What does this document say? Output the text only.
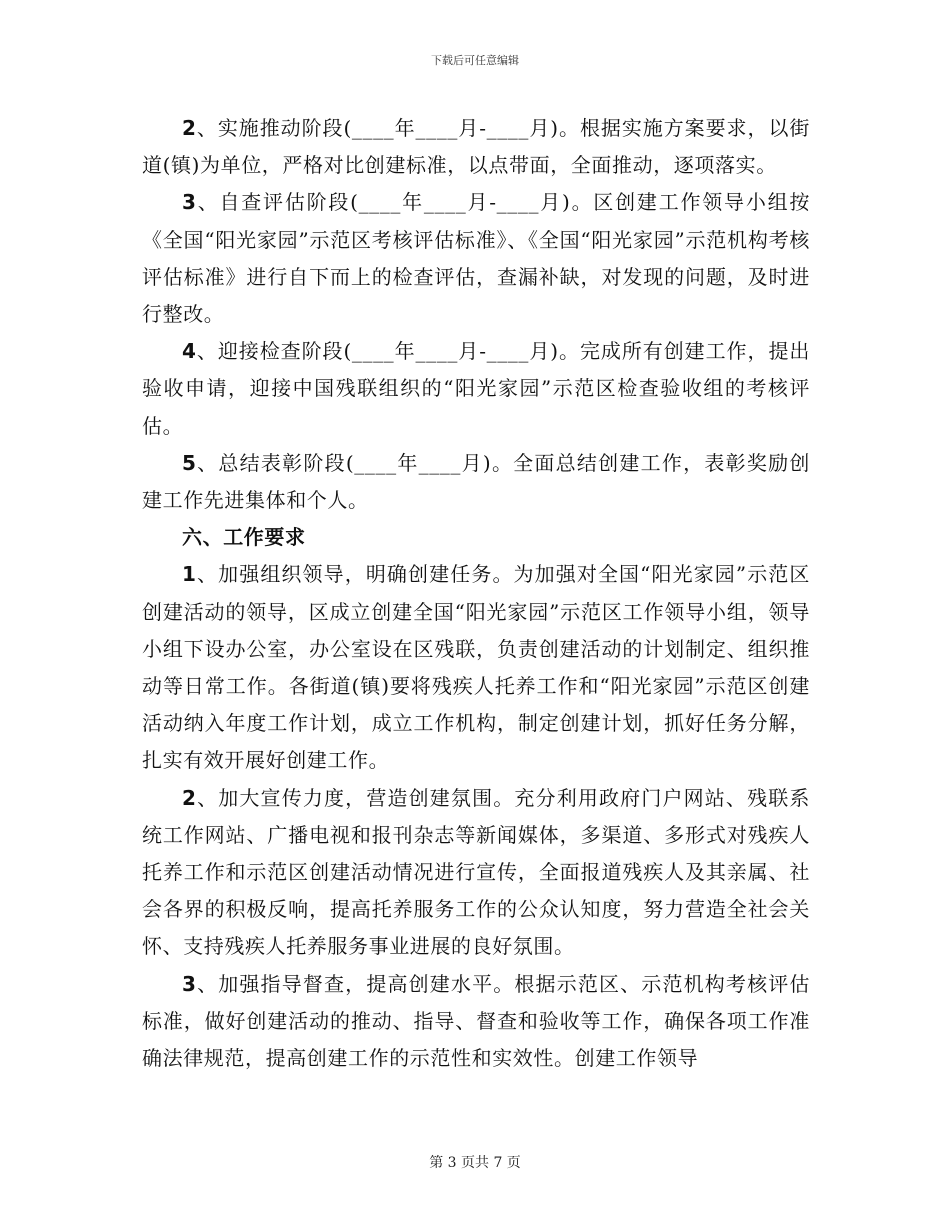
下载后可任意编辑

2、实施推动阶段(____年____月-____月)。根据实施方案要求，以街道(镇)为单位，严格对比创建标准，以点带面，全面推动，逐项落实。

3、自查评估阶段(____年____月-____月)。区创建工作领导小组按《全国“阳光家园”示范区考核评估标准》、《全国“阳光家园”示范机构考核评估标准》进行自下而上的检查评估，查漏补缺，对发现的问题，及时进行整改。

4、迎接检查阶段(____年____月-____月)。完成所有创建工作，提出验收申请，迎接中国残联组织的“阳光家园”示范区检查验收组的考核评估。

5、总结表彰阶段(____年____月)。全面总结创建工作，表彰奖励创建工作先进集体和个人。

六、工作要求

1、加强组织领导，明确创建任务。为加强对全国“阳光家园”示范区创建活动的领导，区成立创建全国“阳光家园”示范区工作领导小组，领导小组下设办公室，办公室设在区残联，负责创建活动的计划制定、组织推动等日常工作。各街道(镇)要将残疾人托养工作和“阳光家园”示范区创建活动纳入年度工作计划，成立工作机构，制定创建计划，抓好任务分解，扎实有效开展好创建工作。

2、加大宣传力度，营造创建氛围。充分利用政府门户网站、残联系统工作网站、广播电视和报刊杂志等新闻媒体，多渠道、多形式对残疾人托养工作和示范区创建活动情况进行宣传，全面报道残疾人及其亲属、社会各界的积极反响，提高托养服务工作的公众认知度，努力营造全社会关怀、支持残疾人托养服务事业进展的良好氛围。

3、加强指导督查，提高创建水平。根据示范区、示范机构考核评估标准，做好创建活动的推动、指导、督查和验收等工作，确保各项工作准确法律规范，提高创建工作的示范性和实效性。创建工作领导

第 3 页共 7 页
